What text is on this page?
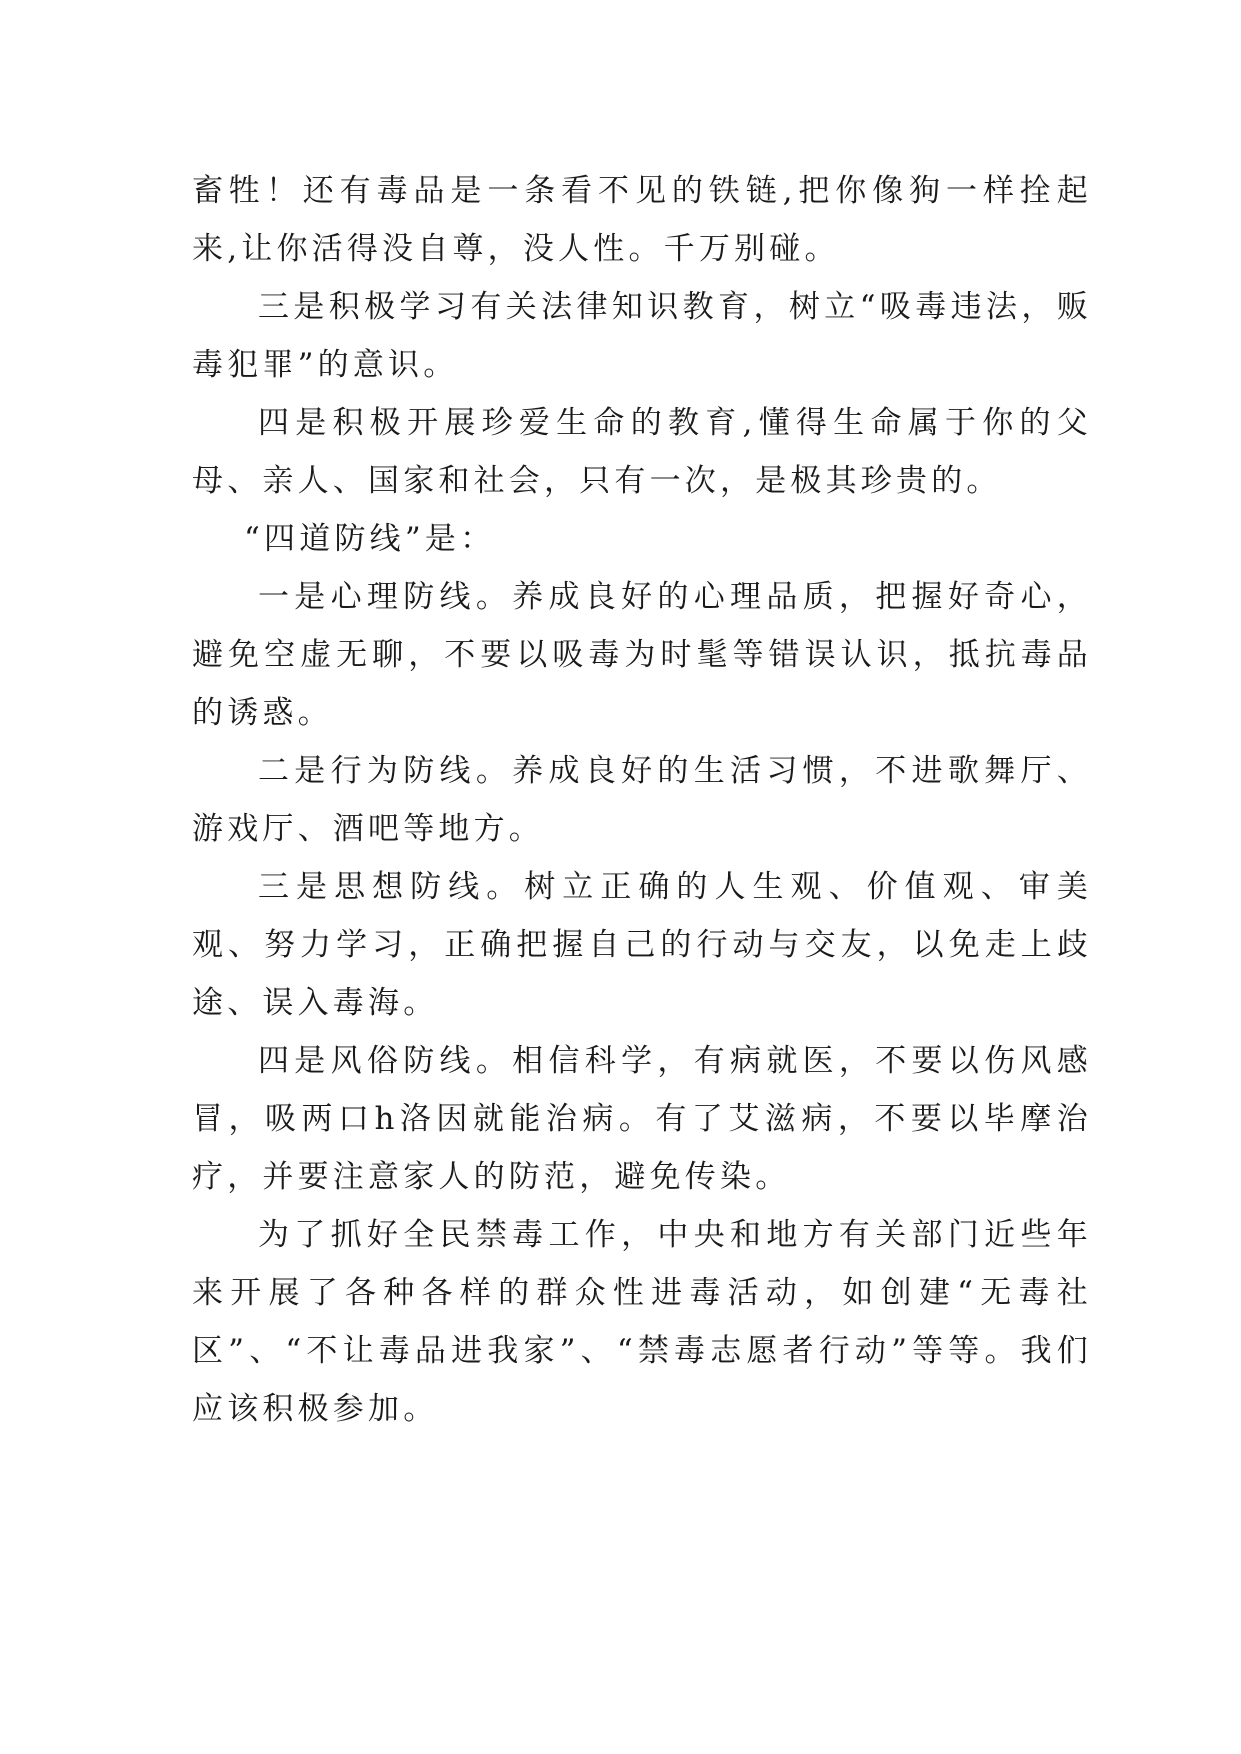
畜牲！还有毒品是一条看不见的铁链,把你像狗一样拴起来,让你活得没自尊，没人性。千万别碰。

三是积极学习有关法律知识教育，树立“吸毒违法，贩毒犯罪”的意识。

四是积极开展珍爱生命的教育,懂得生命属于你的父母、亲人、国家和社会，只有一次，是极其珍贵的。

“四道防线”是：

一是心理防线。养成良好的心理品质，把握好奇心，避免空虚无聊，不要以吸毒为时髦等错误认识，抵抗毒品的诱惑。

二是行为防线。养成良好的生活习惯，不进歌舞厅、游戏厅、酒吧等地方。

三是思想防线。树立正确的人生观、价值观、审美观、努力学习，正确把握自己的行动与交友，以免走上歧途、误入毒海。

四是风俗防线。相信科学，有病就医，不要以伤风感冒，吸两口h洛因就能治病。有了艾滋病，不要以毕摩治疗，并要注意家人的防范，避免传染。

为了抓好全民禁毒工作，中央和地方有关部门近些年来开展了各种各样的群众性进毒活动，如创建“无毒社区”、“不让毒品进我家”、“禁毒志愿者行动”等等。我们应该积极参加。
